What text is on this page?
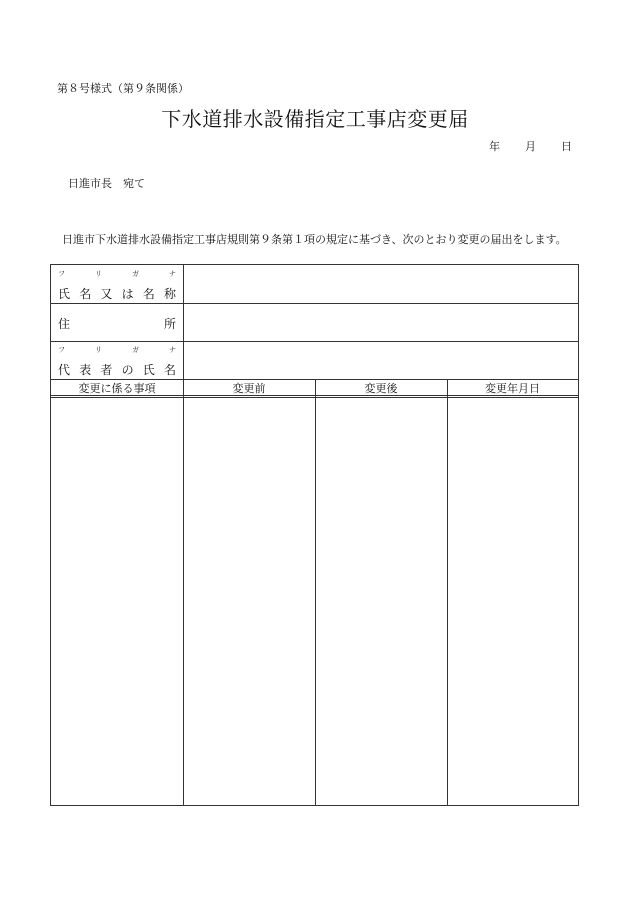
第８号様式（第９条関係）
下水道排水設備指定工事店変更届
年 月 日
日進市長　宛て
日進市下水道排水設備指定工事店規則第９条第１項の規定に基づき、次のとおり変更の届出をします。
フ	リ	ガ	ナ
氏 名 又 は 名 称
住	所
フ	リ	ガ	ナ
代 表 者 の 氏 名
変更に係る事項	変更前	変更後	変更年月日
